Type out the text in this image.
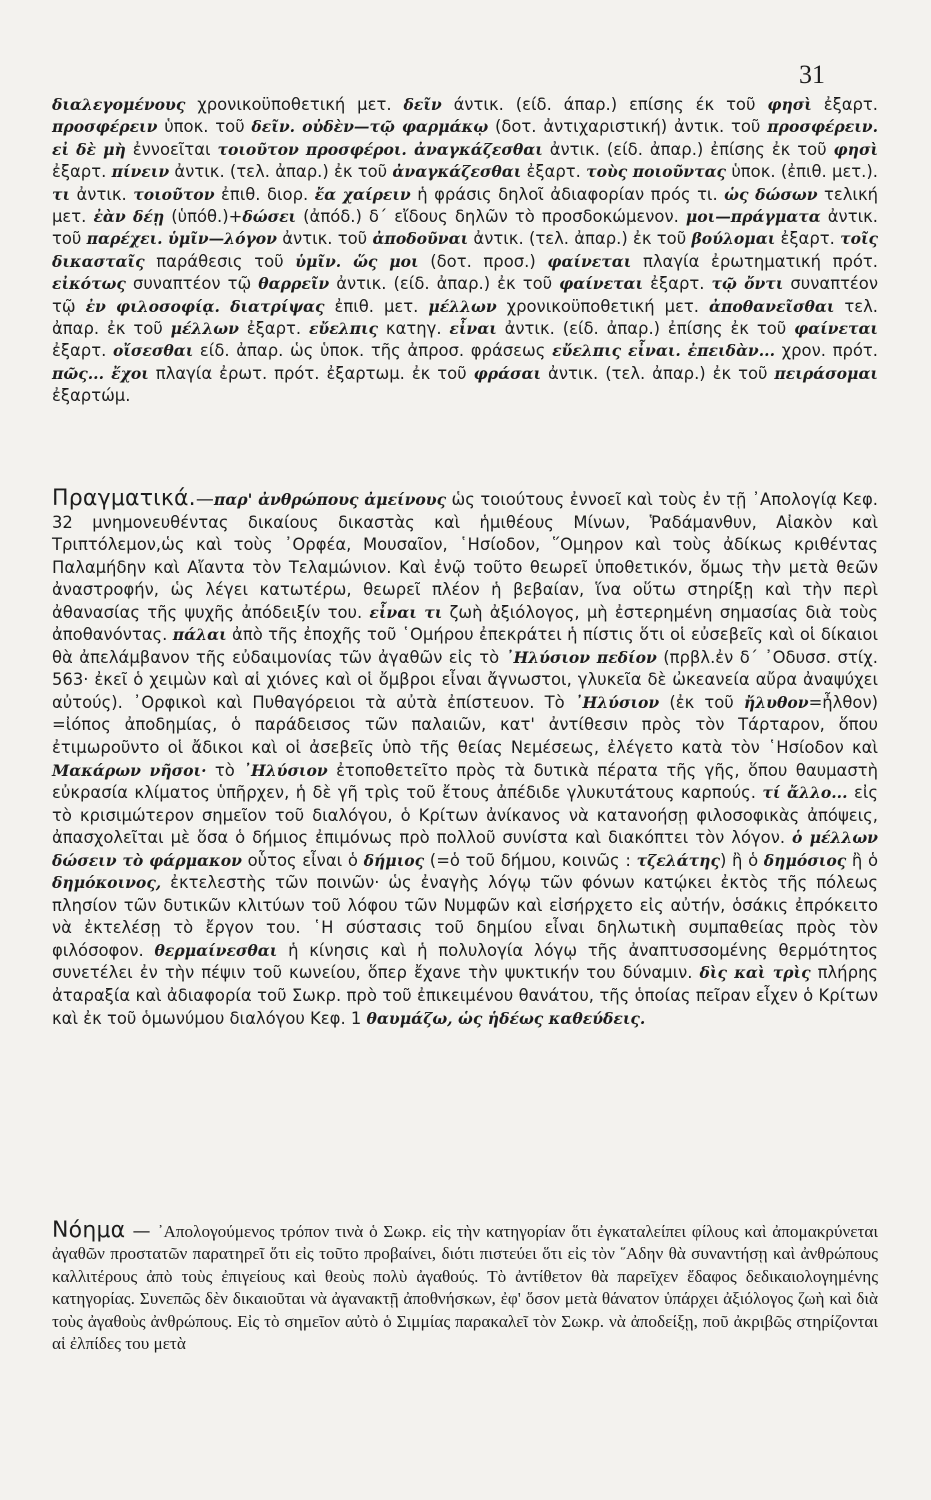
31

διαλεγομένους χρονικοϋποθετική μετ. δεῖν άντικ. (είδ. άπαρ.) επίσης έκ τοῦ φησὶ ἐξαρτ. προσφέρειν ὑποκ. τοῦ δεῖν. οὐδὲν—τῷ φαρμάκῳ (δοτ. ἀντιχαριστική) ἀντικ. τοῦ προσφέρειν. εἰ δὲ μὴ ἐννοεῖται τοιοῦτον προσφέροι. ἀναγκάζεσθαι ἀντικ. (είδ. ἀπαρ.) ἐπίσης ἐκ τοῦ φησὶ ἐξαρτ. πίνειν ἀντικ. (τελ. ἀπαρ.) ἐκ τοῦ ἀναγκάζεσθαι ἐξαρτ. τοὺς ποιοῦντας ὑποκ. (ἐπιθ. μετ.). τι ἀντικ. τοιοῦτον ἐπιθ. διορ. ἔα χαίρειν ἡ φράσις δηλοῖ ἀδιαφορίαν πρός τι. ὡς δώσων τελική μετ. ἐὰν δέῃ (ὑπόθ.)+δώσει (ἀπόδ.) δ΄ εἴδους δηλῶν τὸ προσδοκώμενον. μοι—πράγματα ἀντικ. τοῦ παρέχει. ὑμῖν—λόγον ἀντικ. τοῦ ἀποδοῦναι ἀντικ. (τελ. ἀπαρ.) ἐκ τοῦ βούλομαι ἐξαρτ. τοῖς δικασταῖς παράθεσις τοῦ ὑμῖν. ὥς μοι (δοτ. προσ.) φαίνεται πλαγία ἐρωτηματική πρότ. εἰκότως συναπτέον τῷ θαρρεῖν ἀντικ. (είδ. ἀπαρ.) ἐκ τοῦ φαίνεται ἐξαρτ. τῷ ὄντι συναπτέον τῷ ἐν φιλοσοφίᾳ. διατρίψας ἐπιθ. μετ. μέλλων χρονικοϋποθετική μετ. ἀποθανεῖσθαι τελ. ἀπαρ. ἐκ τοῦ μέλλων ἐξαρτ. εὔελπις κατηγ. εἶναι ἀντικ. (είδ. ἀπαρ.) ἐπίσης ἐκ τοῦ φαίνεται ἐξαρτ. οἴσεσθαι είδ. ἀπαρ. ὡς ὑποκ. τῆς ἀπροσ. φράσεως εὔελπις εἶναι. ἐπειδὰν... χρον. πρότ. πῶς... ἔχοι πλαγία ἐρωτ. πρότ. ἐξαρτωμ. ἐκ τοῦ φράσαι ἀντικ. (τελ. ἀπαρ.) ἐκ τοῦ πειράσομαι ἐξαρτώμ.

Πραγματικά.—παρ' ἀνθρώπους ἀμείνους ὡς τοιούτους ἐννοεῖ καὶ τοὺς ἐν τῇ ᾿Απολογίᾳ Κεφ. 32 μνημονευθέντας δικαίους δικαστὰς καὶ ἡμιθέους Μίνων, Ῥαδάμανθυν, Αἰακὸν καὶ Τριπτόλεμον,ὡς καὶ τοὺς ᾿Ορφέα, Μουσαῖον, ῾Ησίοδον, ῞Ομηρον καὶ τοὺς ἀδίκως κριθέντας Παλαμήδην καὶ Αἴαντα τὸν Τελαμώνιον. Καὶ ἐνῷ τοῦτο θεωρεῖ ὑποθετικόν, ὅμως τὴν μετὰ θεῶν ἀναστροφήν, ὡς λέγει κατωτέρω, θεωρεῖ πλέον ἡ βεβαίαν, ἵνα οὕτω στηρίξῃ καὶ τὴν περὶ ἀθανασίας τῆς ψυχῆς ἀπόδειξίν του. εἶναι τι ζωὴ ἀξιόλογος, μὴ ἐστερημένη σημασίας διὰ τοὺς ἀποθανόντας. πάλαι ἀπὸ τῆς ἐποχῆς τοῦ ῾Ομήρου ἐπεκράτει ἡ πίστις ὅτι οἱ εὐσεβεῖς καὶ οἱ δίκαιοι θὰ ἀπελάμβανον τῆς εὐδαιμονίας τῶν ἀγαθῶν εἰς τὸ ᾿Ηλύσιον πεδίον (πρβλ.ἐν δ΄ ᾿Οδυσσ. στίχ. 563· ἐκεῖ ὁ χειμὼν καὶ αἱ χιόνες καὶ οἱ ὄμβροι εἶναι ἄγνωστοι, γλυκεῖα δὲ ὠκεανεία αὔρα ἀναψύχει αὐτούς). ᾿Ορφικοὶ καὶ Πυθαγόρειοι τὰ αὐτὰ ἐπίστευον. Τὸ ᾿Ηλύσιον (ἐκ τοῦ ἤλυθον=ἦλθον) =ἰόπος ἀποδημίας, ὁ παράδεισος τῶν παλαιῶν, κατ' ἀντίθεσιν πρὸς τὸν Τάρταρον, ὅπου ἐτιμωροῦντο οἱ ἄδικοι καὶ οἱ ἀσεβεῖς ὑπὸ τῆς θείας Νεμέσεως, ἐλέγετο κατὰ τὸν ῾Ησίοδον καὶ Μακάρων νῆσοι· τὸ ᾿Ηλύσιον ἐτοποθετεῖτο πρὸς τὰ δυτικὰ πέρατα τῆς γῆς, ὅπου θαυμαστὴ εὐκρασία κλίματος ὑπῆρχεν, ἡ δὲ γῆ τρὶς τοῦ ἔτους ἀπέδιδε γλυκυτάτους καρπούς. τί ἄλλο... εἰς τὸ κρισιμώτερον σημεῖον τοῦ διαλόγου, ὁ Κρίτων ἀνίκανος νὰ κατανοήσῃ φιλοσοφικὰς ἀπόψεις, ἀπασχολεῖται μὲ ὅσα ὁ δήμιος ἐπιμόνως πρὸ πολλοῦ συνίστα καὶ διακόπτει τὸν λόγον. ὁ μέλλων δώσειν τὸ φάρμακον οὗτος εἶναι ὁ δήμιος (=ὁ τοῦ δήμου, κοινῶς : τζελάτης) ἢ ὁ δημόσιος ἢ ὁ δημόκοινος, ἐκτελεστὴς τῶν ποινῶν· ὡς ἐναγὴς λόγῳ τῶν φόνων κατῴκει ἐκτὸς τῆς πόλεως πλησίον τῶν δυτικῶν κλιτύων τοῦ λόφου τῶν Νυμφῶν καὶ εἰσήρχετο εἰς αὐτήν, ὁσάκις ἐπρόκειτο νὰ ἐκτελέσῃ τὸ ἔργον του. ῾Η σύστασις τοῦ δημίου εἶναι δηλωτικὴ συμπαθείας πρὸς τὸν φιλόσοφον. θερμαίνεσθαι ἡ κίνησις καὶ ἡ πολυλογία λόγῳ τῆς ἀναπτυσσομένης θερμότητος συνετέλει ἐν τὴν πέψιν τοῦ κωνείου, ὅπερ ἔχανε τὴν ψυκτικήν του δύναμιν. δὶς καὶ τρὶς πλήρης ἀταραξία καὶ ἀδιαφορία τοῦ Σωκρ. πρὸ τοῦ ἐπικειμένου θανάτου, τῆς ὁποίας πεῖραν εἶχεν ὁ Κρίτων καὶ ἐκ τοῦ ὁμωνύμου διαλόγου Κεφ. 1 θαυμάζω, ὡς ἡδέως καθεύδεις.

Νόημα — ᾿Απολογούμενος τρόπον τινὰ ὁ Σωκρ. εἰς τὴν κατηγορίαν ὅτι ἐγκαταλείπει φίλους καὶ ἀπομακρύνεται ἀγαθῶν προστατῶν παρατηρεῖ ὅτι εἰς τοῦτο προβαίνει, διότι πιστεύει ὅτι εἰς τὸν ῞Αδην θὰ συναντήσῃ καὶ ἀνθρώπους καλλιτέρους ἀπὸ τοὺς ἐπιγείους καὶ θεοὺς πολὺ ἀγαθούς. Τὸ ἀντίθετον θὰ παρεῖχεν ἔδαφος δεδικαιολογημένης κατηγορίας. Συνεπῶς δὲν δικαιοῦται νὰ ἀγανακτῇ ἀποθνήσκων, ἐφ' ὅσον μετὰ θάνατον ὑπάρχει ἀξιόλογος ζωὴ καὶ διὰ τοὺς ἀγαθοὺς ἀνθρώπους. Εἰς τὸ σημεῖον αὐτὸ ὁ Σιμμίας παρακαλεῖ τὸν Σωκρ. νὰ ἀποδείξῃ, ποῦ ἀκριβῶς στηρίζονται αἱ ἐλπίδες του μετὰ
